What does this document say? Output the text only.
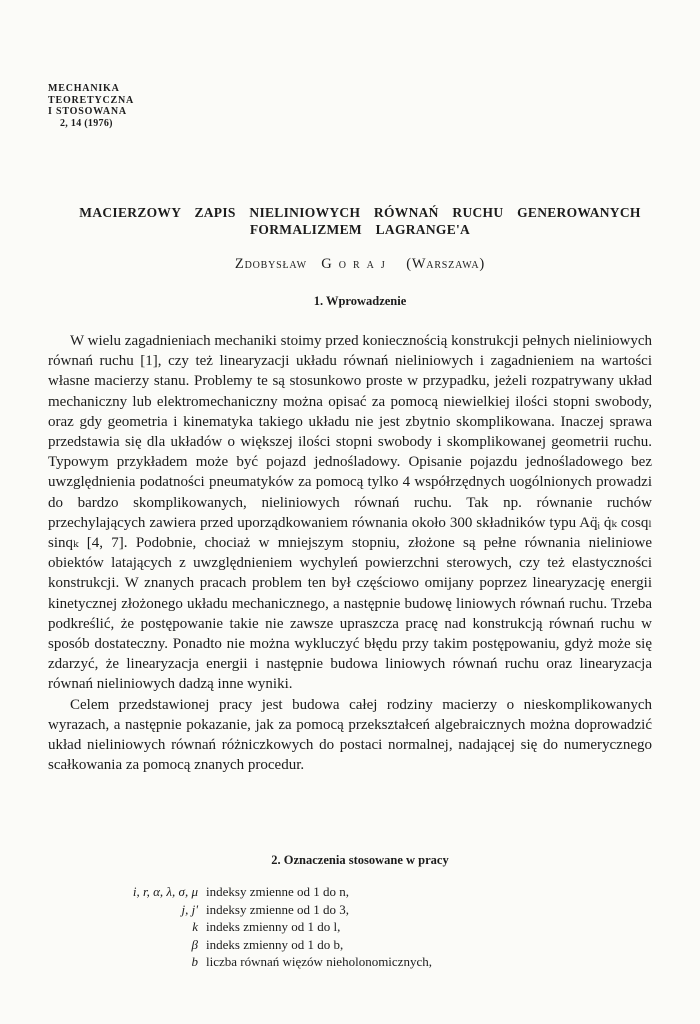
MECHANIKA
TEORETYCZNA
I STOSOWANA
2, 14 (1976)
MACIERZOWY ZAPIS NIELINIOWYCH RÓWNAŃ RUCHU GENEROWANYCH
FORMALIZMEM LAGRANGE'A
Zdobysław Goraj (Warszawa)
1. Wprowadzenie

W wielu zagadnieniach mechaniki stoimy przed koniecznością konstrukcji pełnych nieliniowych równań ruchu [1], czy też linearyzacji układu równań nieliniowych i zagadnieniem na wartości własne macierzy stanu. Problemy te są stosunkowo proste w przypadku, jeżeli rozpatrywany układ mechaniczny lub elektromechaniczny można opisać za pomocą niewielkiej ilości stopni swobody, oraz gdy geometria i kinematyka takiego układu nie jest zbytnio skomplikowana. Inaczej sprawa przedstawia się dla układów o większej ilości stopni swobody i skomplikowanej geometrii ruchu. Typowym przykładem może być pojazd jednośladowy. Opisanie pojazdu jednośladowego bez uwzględnienia podatności pneumatyków za pomocą tylko 4 współrzędnych uogólnionych prowadzi do bardzo skomplikowanych, nieliniowych równań ruchu. Tak np. równanie ruchów przechylających zawiera przed uporządkowaniem równania około 300 składników typu Aq̈ᵢ q̇ₖ cosqₗ sinqₖ [4, 7]. Podobnie, chociaż w mniejszym stopniu, złożone są pełne równania nieliniowe obiektów latających z uwzględnieniem wychyleń powierzchni sterowych, czy też elastyczności konstrukcji. W znanych pracach problem ten był częściowo omijany poprzez linearyzację energii kinetycznej złożonego układu mechanicznego, a następnie budowę liniowych równań ruchu. Trzeba podkreślić, że postępowanie takie nie zawsze upraszcza pracę nad konstrukcją równań ruchu w sposób dostateczny. Ponadto nie można wykluczyć błędu przy takim postępowaniu, gdyż może się zdarzyć, że linearyzacja energii i następnie budowa liniowych równań ruchu oraz linearyzacja równań nieliniowych dadzą inne wyniki.

Celem przedstawionej pracy jest budowa całej rodziny macierzy o nieskomplikowanych wyrazach, a następnie pokazanie, jak za pomocą przekształceń algebraicznych można doprowadzić układ nieliniowych równań różniczkowych do postaci normalnej, nadającej się do numerycznego scałkowania za pomocą znanych procedur.

2. Oznaczenia stosowane w pracy
i, r, α, λ, σ, μ indeksy zmienne od 1 do n,
j, j' indeksy zmienne od 1 do 3,
k indeks zmienny od 1 do l,
β indeks zmienny od 1 do b,
b liczba równań więzów nieholonomicznych,
